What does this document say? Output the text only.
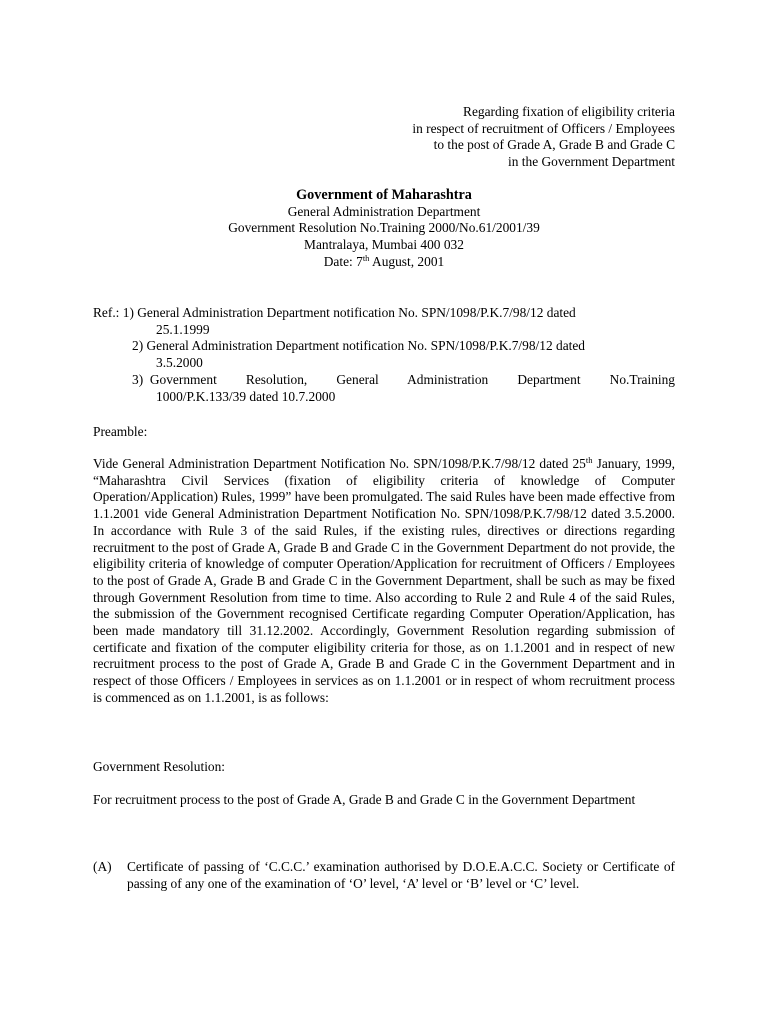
Regarding fixation of eligibility criteria
in respect of recruitment of Officers / Employees
to the post of Grade A, Grade B and Grade C
in the Government Department
Government of Maharashtra
General Administration Department
Government Resolution No.Training 2000/No.61/2001/39
Mantralaya, Mumbai 400 032
Date: 7th August, 2001
Ref.: 1) General Administration Department notification No. SPN/1098/P.K.7/98/12 dated
25.1.1999
2) General Administration Department notification No. SPN/1098/P.K.7/98/12 dated
3.5.2000
3) Government Resolution, General Administration Department No.Training
1000/P.K.133/39 dated 10.7.2000
Preamble:
Vide General Administration Department Notification No. SPN/1098/P.K.7/98/12 dated 25th January, 1999, “Maharashtra Civil Services (fixation of eligibility criteria of knowledge of Computer Operation/Application) Rules, 1999” have been promulgated. The said Rules have been made effective from 1.1.2001 vide General Administration Department Notification No. SPN/1098/P.K.7/98/12 dated 3.5.2000. In accordance with Rule 3 of the said Rules, if the existing rules, directives or directions regarding recruitment to the post of Grade A, Grade B and Grade C in the Government Department do not provide, the eligibility criteria of knowledge of computer Operation/Application for recruitment of Officers / Employees to the post of Grade A, Grade B and Grade C in the Government Department, shall be such as may be fixed through Government Resolution from time to time. Also according to Rule 2 and Rule 4 of the said Rules, the submission of the Government recognised Certificate regarding Computer Operation/Application, has been made mandatory till 31.12.2002. Accordingly, Government Resolution regarding submission of certificate and fixation of the computer eligibility criteria for those, as on 1.1.2001 and in respect of new recruitment process to the post of Grade A, Grade B and Grade C in the Government Department and in respect of those Officers / Employees in services as on 1.1.2001 or in respect of whom recruitment process is commenced as on 1.1.2001, is as follows:
Government Resolution:
For recruitment process to the post of Grade A, Grade B and Grade C in the Government Department
(A)	Certificate of passing of ‘C.C.C.’ examination authorised by D.O.E.A.C.C. Society or Certificate of passing of any one of the examination of ‘O’ level, ‘A’ level or ‘B’ level or ‘C’ level.
